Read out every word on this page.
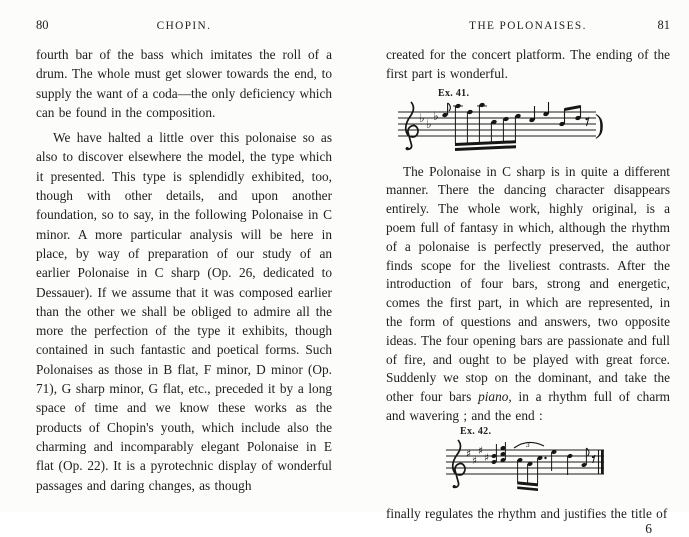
80	CHOPIN.

fourth bar of the bass which imitates the roll of a drum. The whole must get slower towards the end, to supply the want of a coda—the only deficiency which can be found in the composition.

We have halted a little over this polonaise so as also to discover elsewhere the model, the type which it presented. This type is splendidly exhibited, too, though with other details, and upon another foundation, so to say, in the following Polonaise in C minor. A more particular analysis will be here in place, by way of preparation of our study of an earlier Polonaise in C sharp (Op. 26, dedicated to Dessauer). If we assume that it was composed earlier than the other we shall be obliged to admire all the more the perfection of the type it exhibits, though contained in such fantastic and poetical forms. Such Polonaises as those in B flat, F minor, D minor (Op. 71), G sharp minor, G flat, etc., preceded it by a long space of time and we know these works as the products of Chopin's youth, which include also the charming and incomparably elegant Polonaise in E flat (Op. 22). It is a pyrotechnic display of wonderful passages and daring changes, as though

THE POLONAISES.	81

created for the concert platform. The ending of the first part is wonderful.

Ex. 41.
♭ ♭
♭	)

The Polonaise in C sharp is in quite a different manner. There the dancing character disappears entirely. The whole work, highly original, is a poem full of fantasy in which, although the rhythm of a polonaise is perfectly preserved, the author finds scope for the liveliest contrasts. After the introduction of four bars, strong and energetic, comes the first part, in which are represented, in the form of questions and answers, two opposite ideas. The four opening bars are passionate and full of fire, and ought to be played with great force. Suddenly we stop on the dominant, and take the other four bars piano, in a rhythm full of charm and wavering ; and the end :

Ex. 42.
♯
♯
♯
♯
3

finally regulates the rhythm and justifies the title of

6
